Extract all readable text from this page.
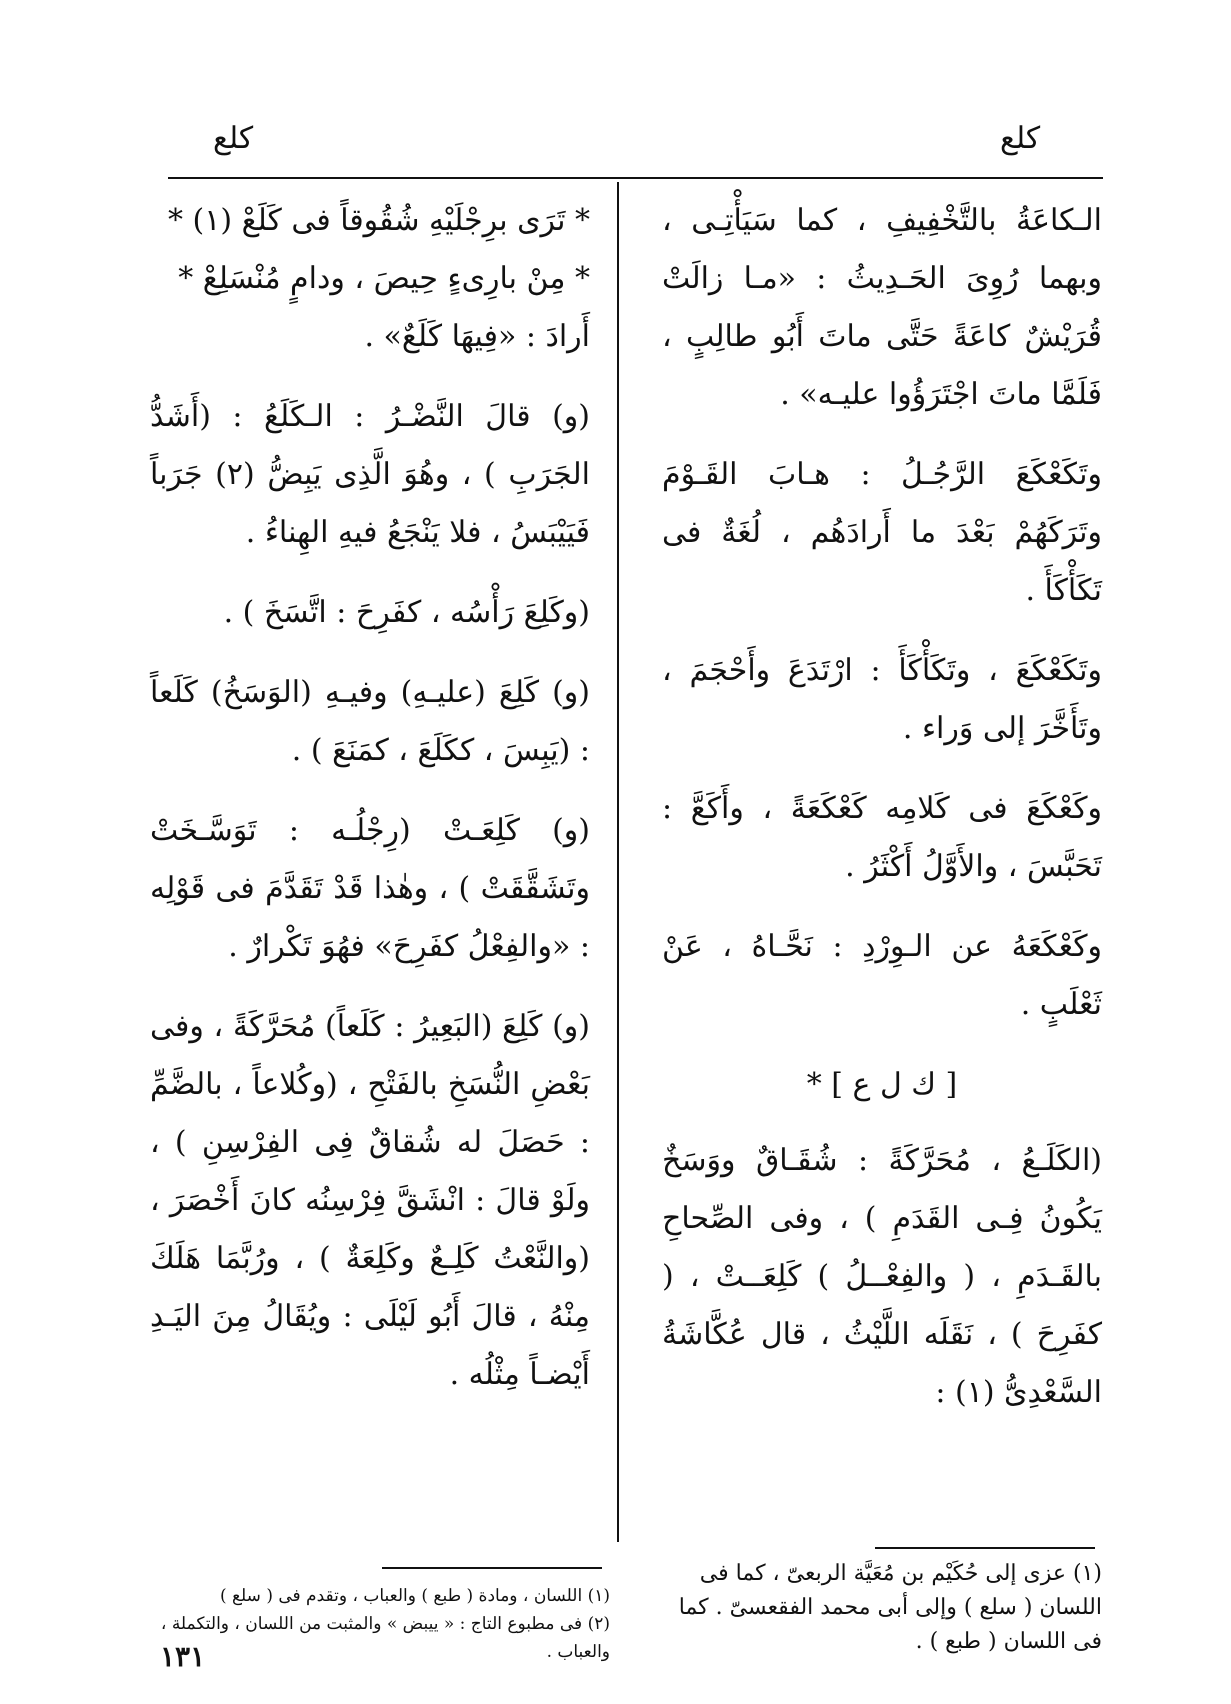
كلع
كلع

الـكاعَةُ بالتَّخْفِيفِ ، كما سَيَأْتِـى ، وبهما رُوِىَ الحَـدِيثُ : «مـا زالَتْ قُرَيْشٌ كاعَةً حَتَّى ماتَ أَبُو طالِبٍ ، فَلَمَّا ماتَ اجْتَرَؤُوا عليـه» .

وتَكَعْكَعَ الرَّجُـلُ : هـابَ القَـوْمَ وتَرَكَهُمْ بَعْدَ ما أَرادَهُم ، لُغَةٌ فى تَكَأْكَأَ .

وتَكَعْكَعَ ، وتَكَأْكَأَ : ارْتَدَعَ وأَحْجَمَ ، وتَأَخَّرَ إلى وَراء .

وكَعْكَعَ فى كَلامِه كَعْكَعَةً ، وأَكَعَّ : تَحَبَّسَ ، والأَوَّلُ أَكْثَرُ .

وكَعْكَعَهُ عن الـوِرْدِ : نَحَّـاهُ ، عَنْ ثَعْلَبٍ .

[ ك ل ع ] *

(الكَلَـعُ ، مُحَرَّكَةً : شُقَـاقٌ ووَسَخٌ يَكُونُ فِـى القَدَمِ ) ، وفى الصِّحاحِ بالقَـدَمِ ، ( والفِعْــلُ ) كَلِعَــتْ ، ( كفَرِحَ ) ، نَقَلَه اللَّيْثُ ، قال عُكَّاشَةُ السَّعْدِىُّ (١) :

* تَرَى برِجْلَيْهِ شُقُوقاً فى كَلَعْ (١) *

* مِنْ بارِىءٍ حِيصَ ، ودامٍ مُنْسَلِعْ *

أَرادَ : «فِيهَا كَلَعٌ» .

(و) قالَ النَّضْـرُ : الـكَلَعُ : (أَشَدُّ الجَرَبِ ) ، وهُوَ الَّذِى يَبِضُّ (٢) جَرَباً فَيَيْبَسُ ، فلا يَنْجَعُ فيهِ الهِناءُ .

(وكَلِعَ رَأْسُه ، كفَرِحَ : اتَّسَخَ ) .

(و) كَلِعَ (عليـهِ) وفيـهِ (الوَسَخُ) كَلَعاً : (يَبِسَ ، ككَلَعَ ، كمَنَعَ ) .

(و) كَلِعَـتْ (رِجْلُـه : تَوَسَّـخَتْ وتَشَقَّقَتْ ) ، وهٰذا قَدْ تَقَدَّمَ فى قَوْلِه : «والفِعْلُ كفَرِحَ» فهُوَ تَكْرارٌ .

(و) كَلِعَ (البَعِيرُ : كَلَعاً) مُحَرَّكَةً ، وفى بَعْضِ النُّسَخِ بالفَتْحِ ، (وكُلاعاً ، بالضَّمِّ : حَصَلَ له شُقاقٌ فِى الفِرْسِنِ ) ، ولَوْ قالَ : انْشَقَّ فِرْسِنُه كانَ أَخْصَرَ ، (والنَّعْتُ كَلِـعٌ وكَلِعَةٌ ) ، ورُبَّمَا هَلَكَ مِنْهُ ، قالَ أَبُو لَيْلَى : ويُقَالُ مِنَ اليَـدِ أَيْضـاً مِثْلُه .

(١) عزى إلى حُكَيْم بن مُعَيَّة الربعىّ ، كما فى اللسان ( سلع ) وإلى أبى محمد الفقعسىّ . كما فى اللسان ( طبع ) .

(١) اللسان ، ومادة ( طبع ) والعباب ، وتقدم فى ( سلع )

(٢) فى مطبوع التاج : « ييبض » والمثبت من اللسان ، والتكملة ، والعباب .

١٣١
